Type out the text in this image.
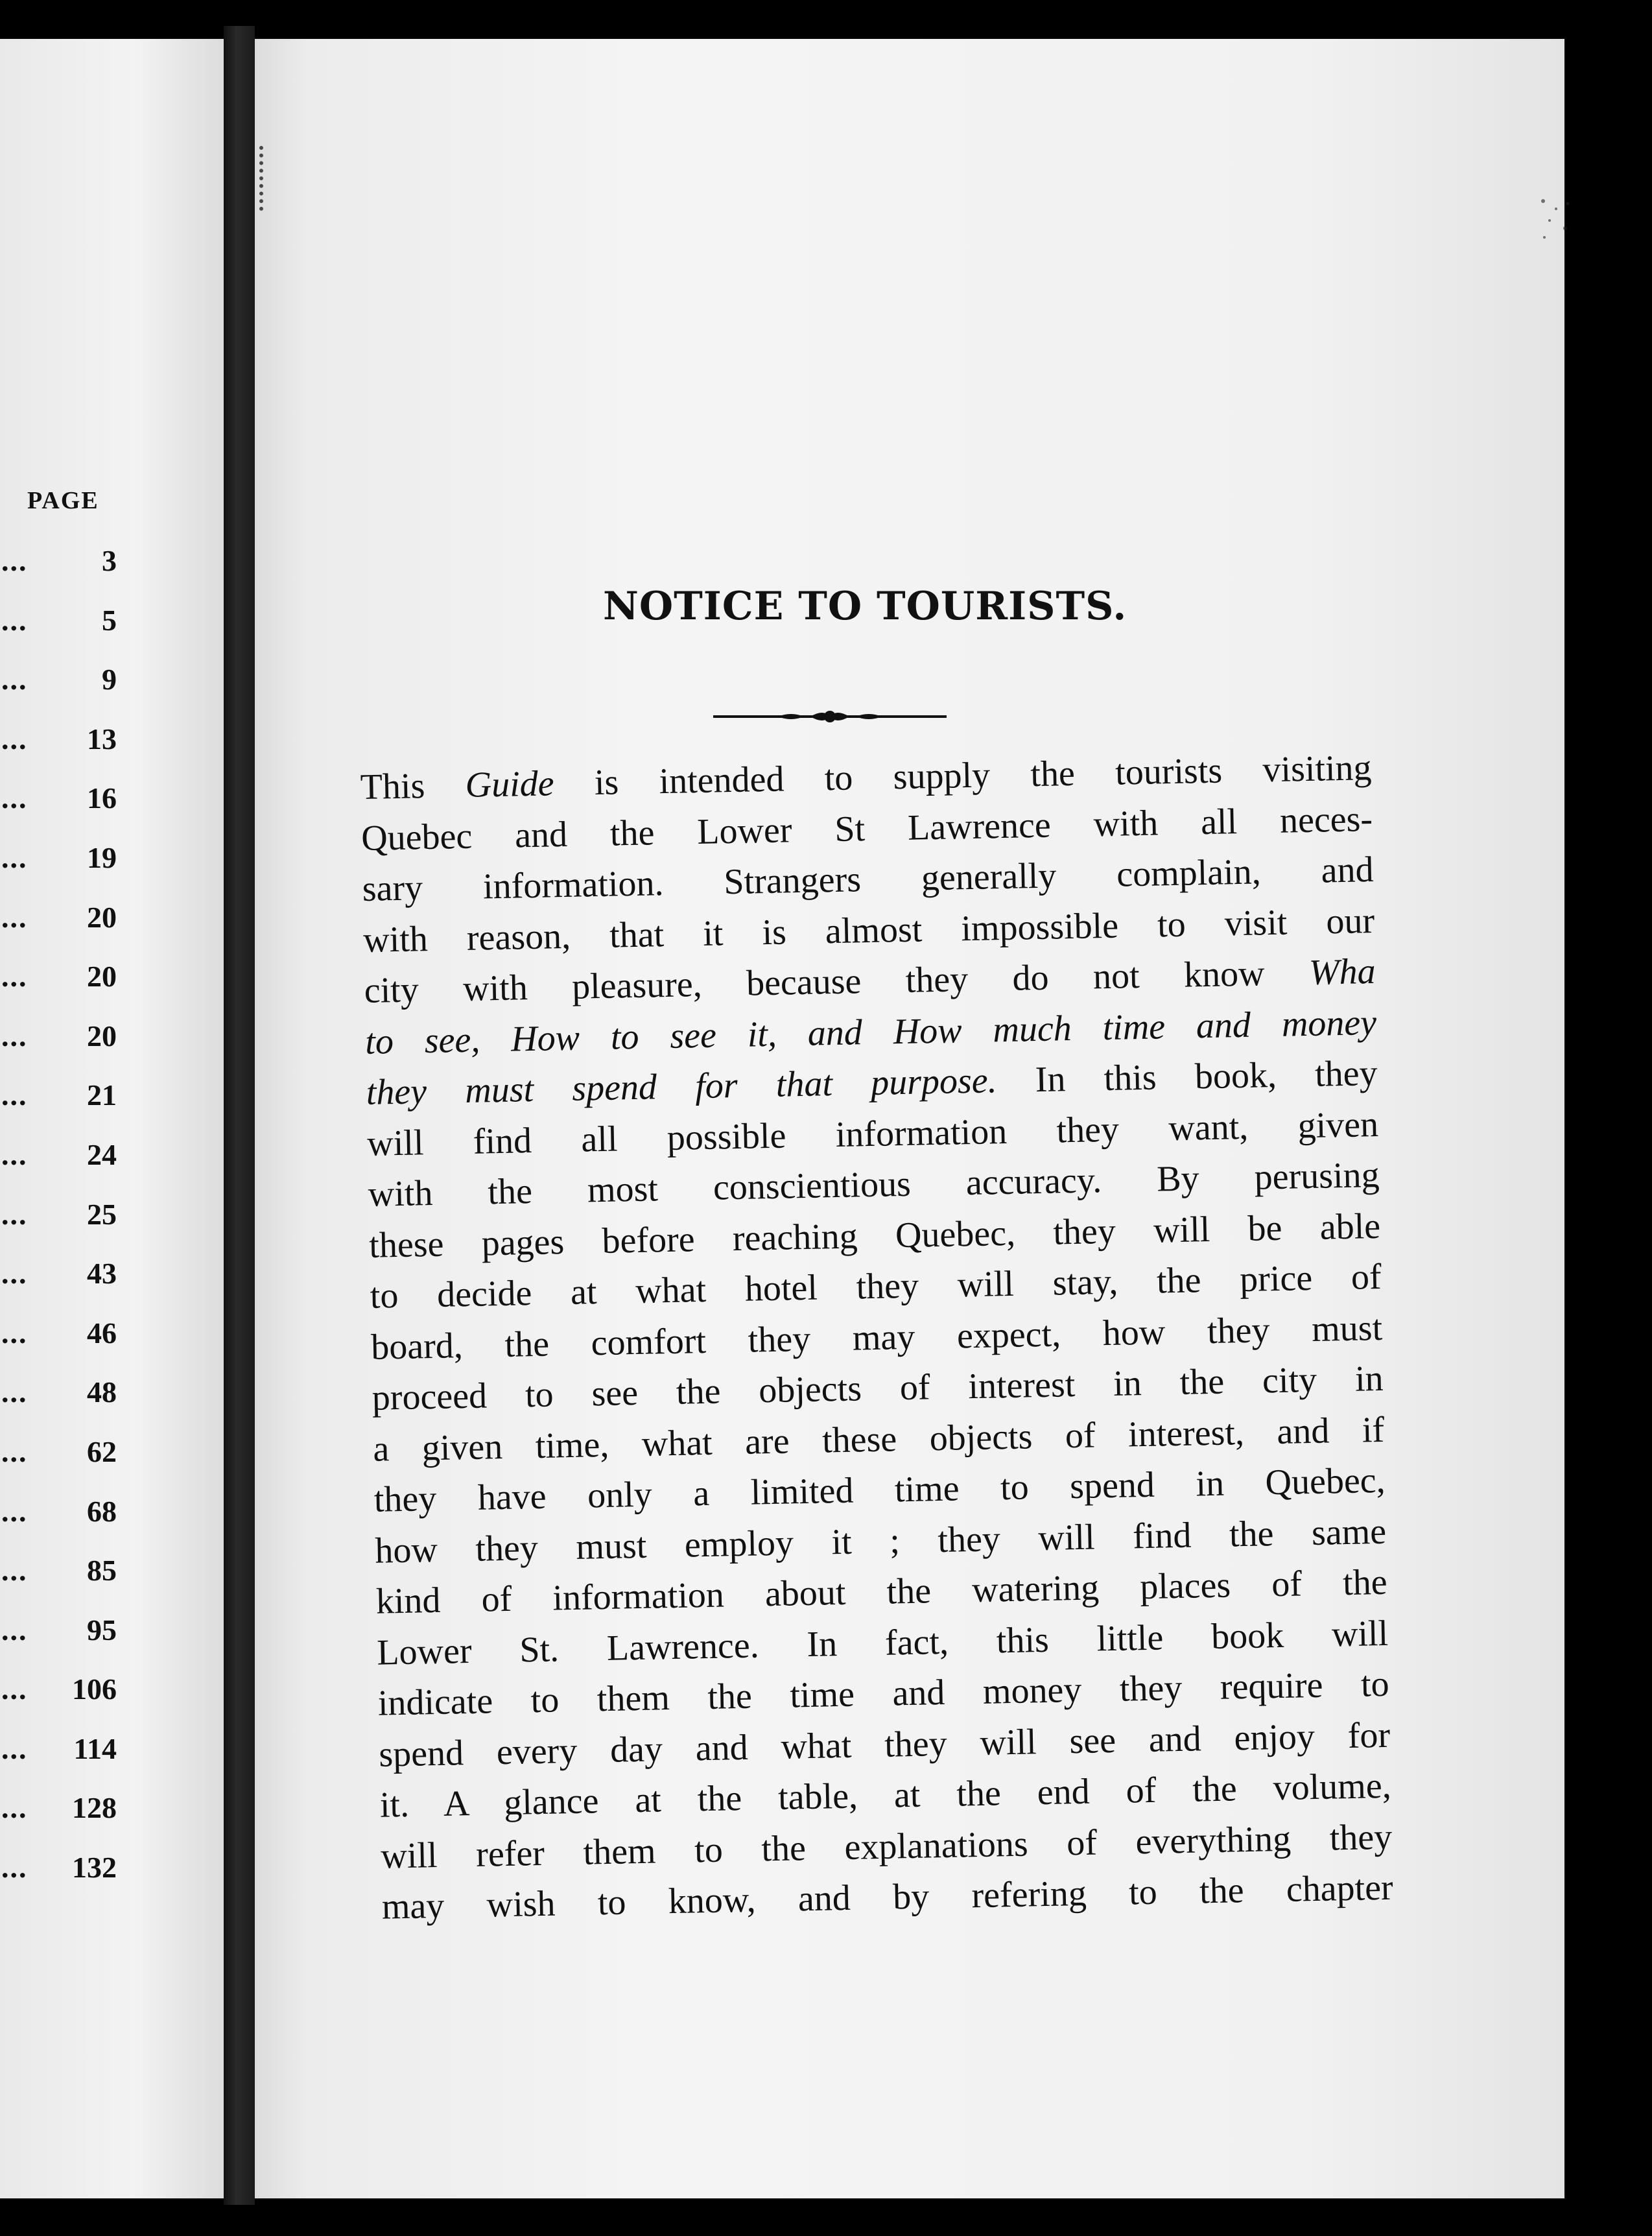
PAGE
...	3
...	5
...	9
...	13
...	16
...	19
...	20
...	20
...	20
...	21
...	24
...	25
...	43
...	46
...	48
...	62
...	68
...	85
...	95
... 106
... 114
... 128
... 132
NOTICE TO TOURISTS.
This Guide is intended to supply the tourists visiting
Quebec and the Lower St Lawrence with all neces-
sary information. Strangers generally complain, and
with reason, that it is almost impossible to visit our
city with pleasure, because they do not know Wha
to see, How to see it, and How much time and money
they must spend for that purpose. In this book, they
will find all possible information they want, given
with the most conscientious accuracy. By perusing
these pages before reaching Quebec, they will be able
to decide at what hotel they will stay, the price of
board, the comfort they may expect, how they must
proceed to see the objects of interest in the city in
a given time, what are these objects of interest, and if
they have only a limited time to spend in Quebec,
how they must employ it ; they will find the same
kind of information about the watering places of the
Lower St. Lawrence. In fact, this little book will
indicate to them the time and money they require to
spend every day and what they will see and enjoy for
it. A glance at the table, at the end of the volume,
will refer them to the explanations of everything they
may wish to know, and by refering to the chapter
